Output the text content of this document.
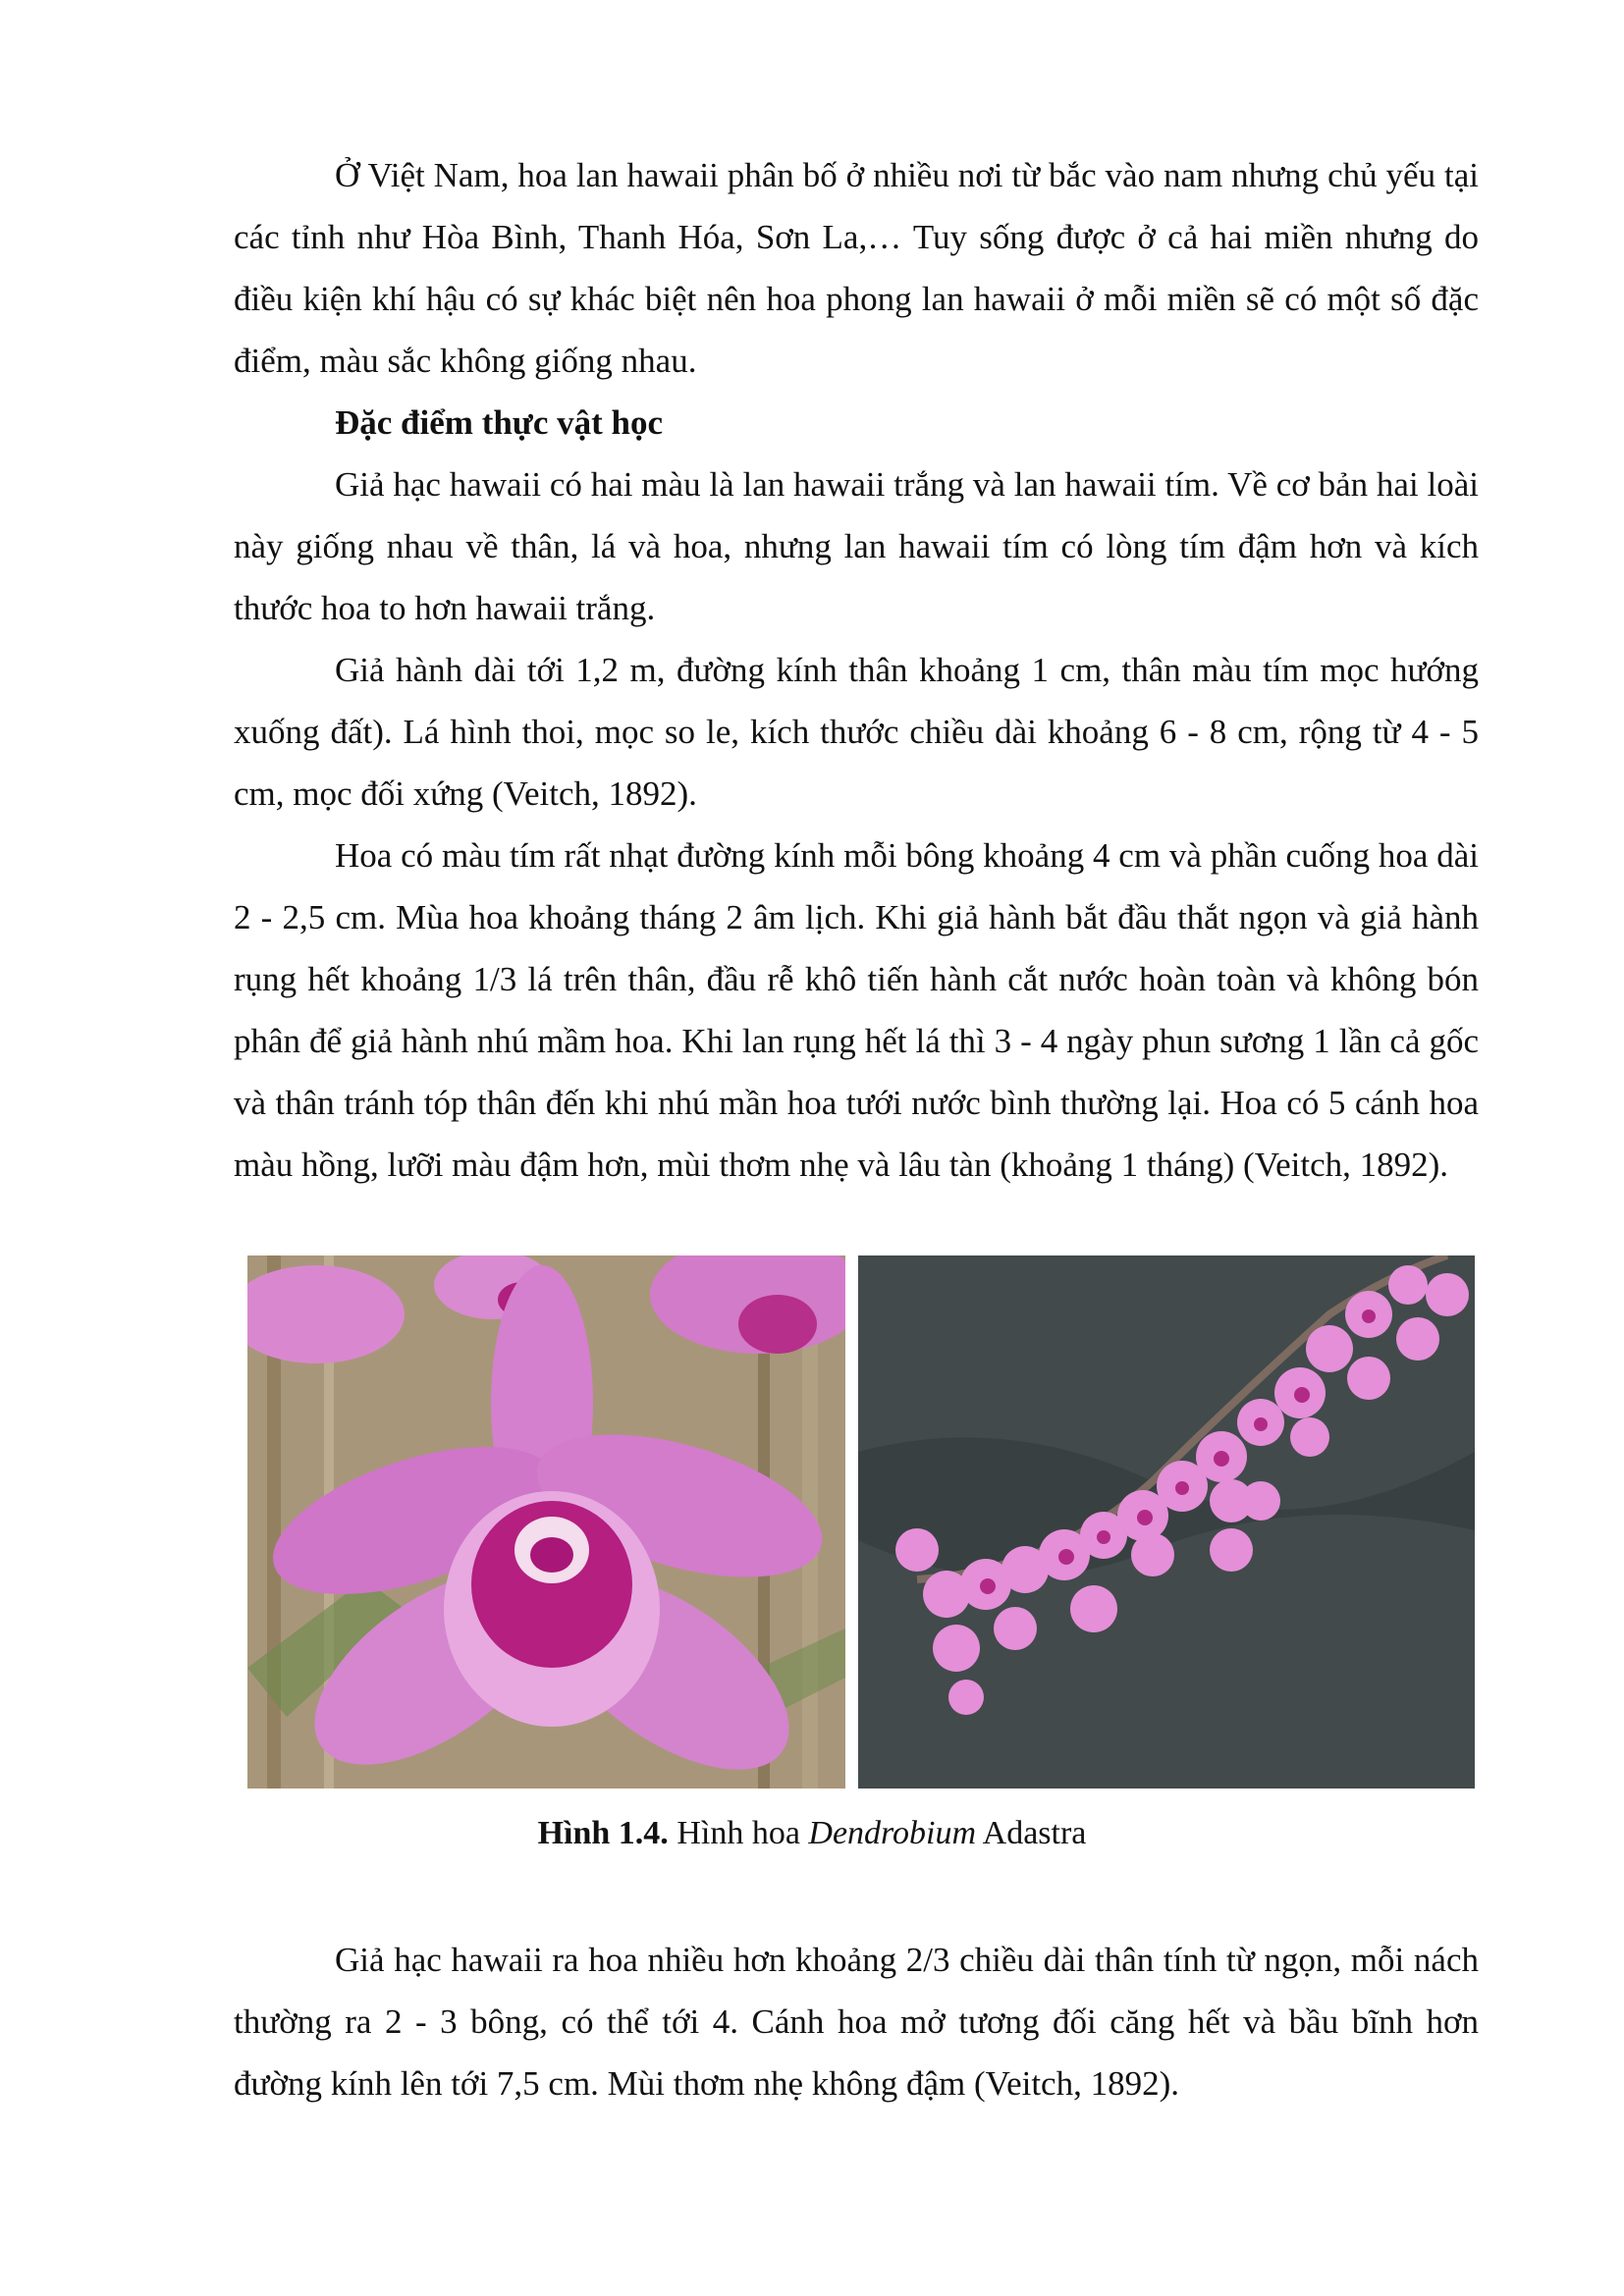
Ở Việt Nam, hoa lan hawaii phân bố ở nhiều nơi từ bắc vào nam nhưng chủ yếu tại các tỉnh như Hòa Bình, Thanh Hóa, Sơn La,… Tuy sống được ở cả hai miền nhưng do điều kiện khí hậu có sự khác biệt nên hoa phong lan hawaii ở mỗi miền sẽ có một số đặc điểm, màu sắc không giống nhau.

Đặc điểm thực vật học

Giả hạc hawaii có hai màu là lan hawaii trắng và lan hawaii tím. Về cơ bản hai loài này giống nhau về thân, lá và hoa, nhưng lan hawaii tím có lòng tím đậm hơn và kích thước hoa to hơn hawaii trắng.

Giả hành dài tới 1,2 m, đường kính thân khoảng 1 cm, thân màu tím mọc hướng xuống đất). Lá hình thoi, mọc so le, kích thước chiều dài khoảng 6 - 8 cm, rộng từ 4 - 5 cm, mọc đối xứng (Veitch, 1892).

Hoa có màu tím rất nhạt đường kính mỗi bông khoảng 4 cm và phần cuống hoa dài 2 - 2,5 cm. Mùa hoa khoảng tháng 2 âm lịch. Khi giả hành bắt đầu thắt ngọn và giả hành rụng hết khoảng 1/3 lá trên thân, đầu rễ khô tiến hành cắt nước hoàn toàn và không bón phân để giả hành nhú mầm hoa. Khi lan rụng hết lá thì 3 - 4 ngày phun sương 1 lần cả gốc và thân tránh tóp thân đến khi nhú mần hoa tưới nước bình thường lại. Hoa có 5 cánh hoa màu hồng, lưỡi màu đậm hơn, mùi thơm nhẹ và lâu tàn (khoảng 1 tháng) (Veitch, 1892).

Hình 1.4. Hình hoa Dendrobium Adastra

Giả hạc hawaii ra hoa nhiều hơn khoảng 2/3 chiều dài thân tính từ ngọn, mỗi nách thường ra 2 - 3 bông, có thể tới 4. Cánh hoa mở tương đối căng hết và bầu bĩnh hơn đường kính lên tới 7,5 cm. Mùi thơm nhẹ không đậm (Veitch, 1892).
